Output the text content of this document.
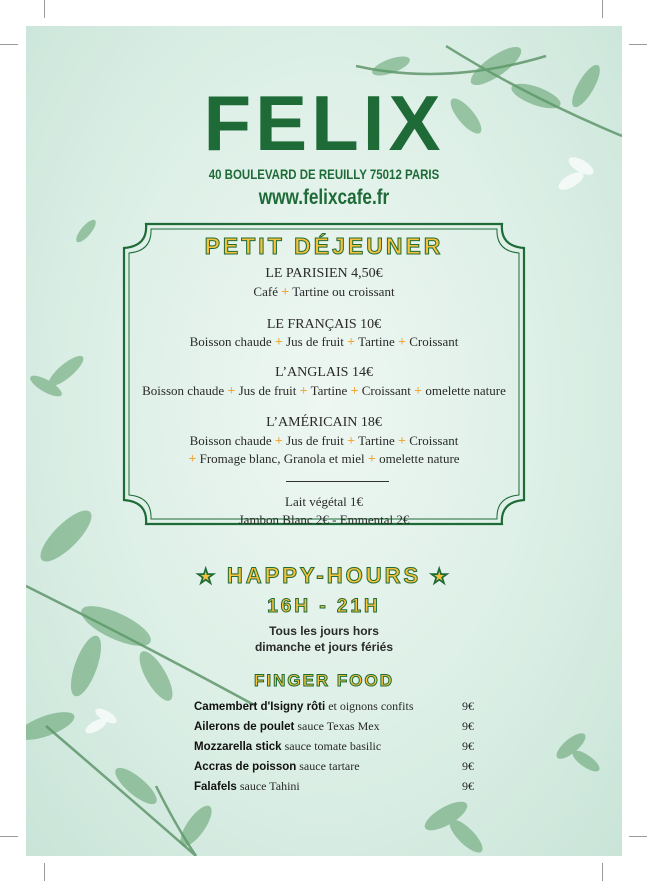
FELIX
40 BOULEVARD DE REUILLY 75012 PARIS
www.felixcafe.fr
PETIT DÉJEUNER
LE PARISIEN 4,50€
Café + Tartine ou croissant
LE FRANÇAIS 10€
Boisson chaude + Jus de fruit + Tartine + Croissant
L’ANGLAIS 14€
Boisson chaude + Jus de fruit + Tartine + Croissant + omelette nature
L’AMÉRICAIN 18€
Boisson chaude + Jus de fruit + Tartine + Croissant
+ Fromage blanc, Granola et miel + omelette nature
Lait végétal 1€
Jambon Blanc 2€ - Emmental 2€
★ HAPPY-HOURS ★
16H - 21H
Tous les jours hors
dimanche et jours fériés
FINGER FOOD
Camembert d'Isigny rôti et oignons confits	9€
Ailerons de poulet sauce Texas Mex	9€
Mozzarella stick sauce tomate basilic	9€
Accras de poisson sauce tartare	9€
Falafels sauce Tahini	9€
